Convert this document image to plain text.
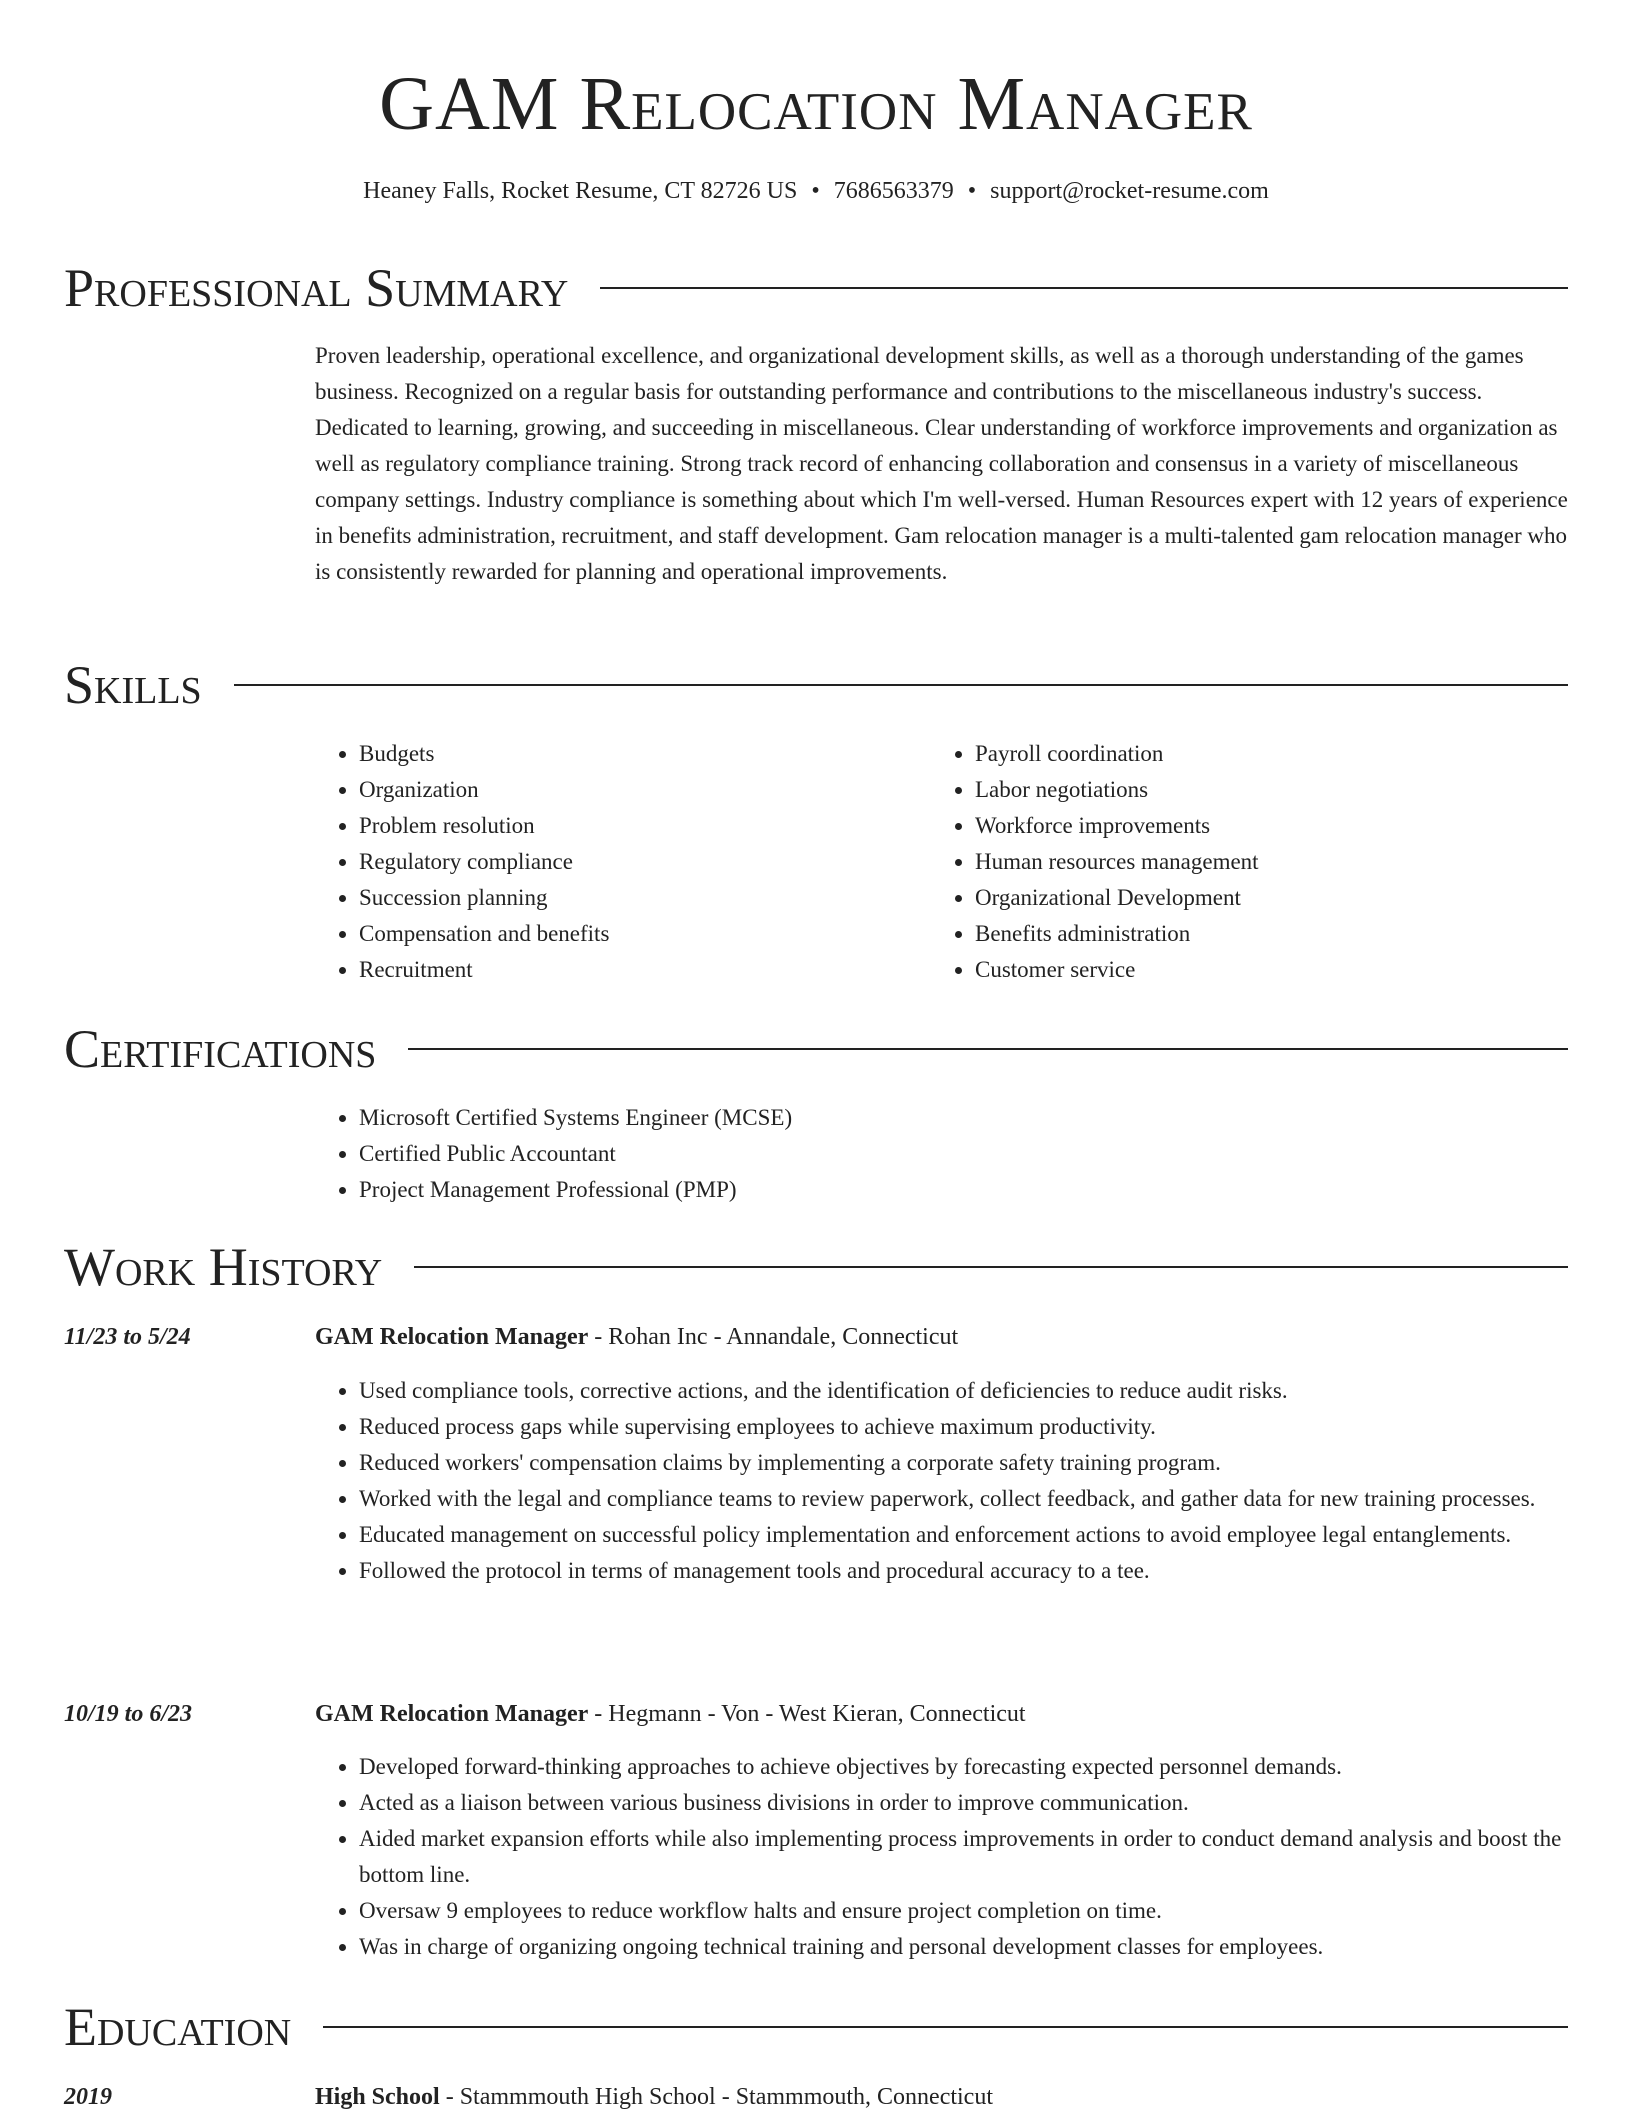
GAM Relocation Manager
Heaney Falls, Rocket Resume, CT 82726 US • 7686563379 • support@rocket-resume.com
Professional Summary

Proven leadership, operational excellence, and organizational development skills, as well as a thorough understanding of the games business. Recognized on a regular basis for outstanding performance and contributions to the miscellaneous industry's success. Dedicated to learning, growing, and succeeding in miscellaneous. Clear understanding of workforce improvements and organization as well as regulatory compliance training. Strong track record of enhancing collaboration and consensus in a variety of miscellaneous company settings. Industry compliance is something about which I'm well-versed. Human Resources expert with 12 years of experience in benefits administration, recruitment, and staff development. Gam relocation manager is a multi-talented gam relocation manager who is consistently rewarded for planning and operational improvements.

Skills
• Budgets
• Organization
• Problem resolution
• Regulatory compliance
• Succession planning
• Compensation and benefits
• Recruitment
• Payroll coordination
• Labor negotiations
• Workforce improvements
• Human resources management
• Organizational Development
• Benefits administration
• Customer service
Certifications
• Microsoft Certified Systems Engineer (MCSE)
• Certified Public Accountant
• Project Management Professional (PMP)
Work History
11/23 to 5/24	GAM Relocation Manager - Rohan Inc - Annandale, Connecticut
• Used compliance tools, corrective actions, and the identification of deficiencies to reduce audit risks.
• Reduced process gaps while supervising employees to achieve maximum productivity.
• Reduced workers' compensation claims by implementing a corporate safety training program.
• Worked with the legal and compliance teams to review paperwork, collect feedback, and gather data for new training processes.
• Educated management on successful policy implementation and enforcement actions to avoid employee legal entanglements.
• Followed the protocol in terms of management tools and procedural accuracy to a tee.
10/19 to 6/23	GAM Relocation Manager - Hegmann - Von - West Kieran, Connecticut
• Developed forward-thinking approaches to achieve objectives by forecasting expected personnel demands.
• Acted as a liaison between various business divisions in order to improve communication.
• Aided market expansion efforts while also implementing process improvements in order to conduct demand analysis and boost the bottom line.
• Oversaw 9 employees to reduce workflow halts and ensure project completion on time.
• Was in charge of organizing ongoing technical training and personal development classes for employees.
Education
2019	High School - Stammmouth High School - Stammmouth, Connecticut
